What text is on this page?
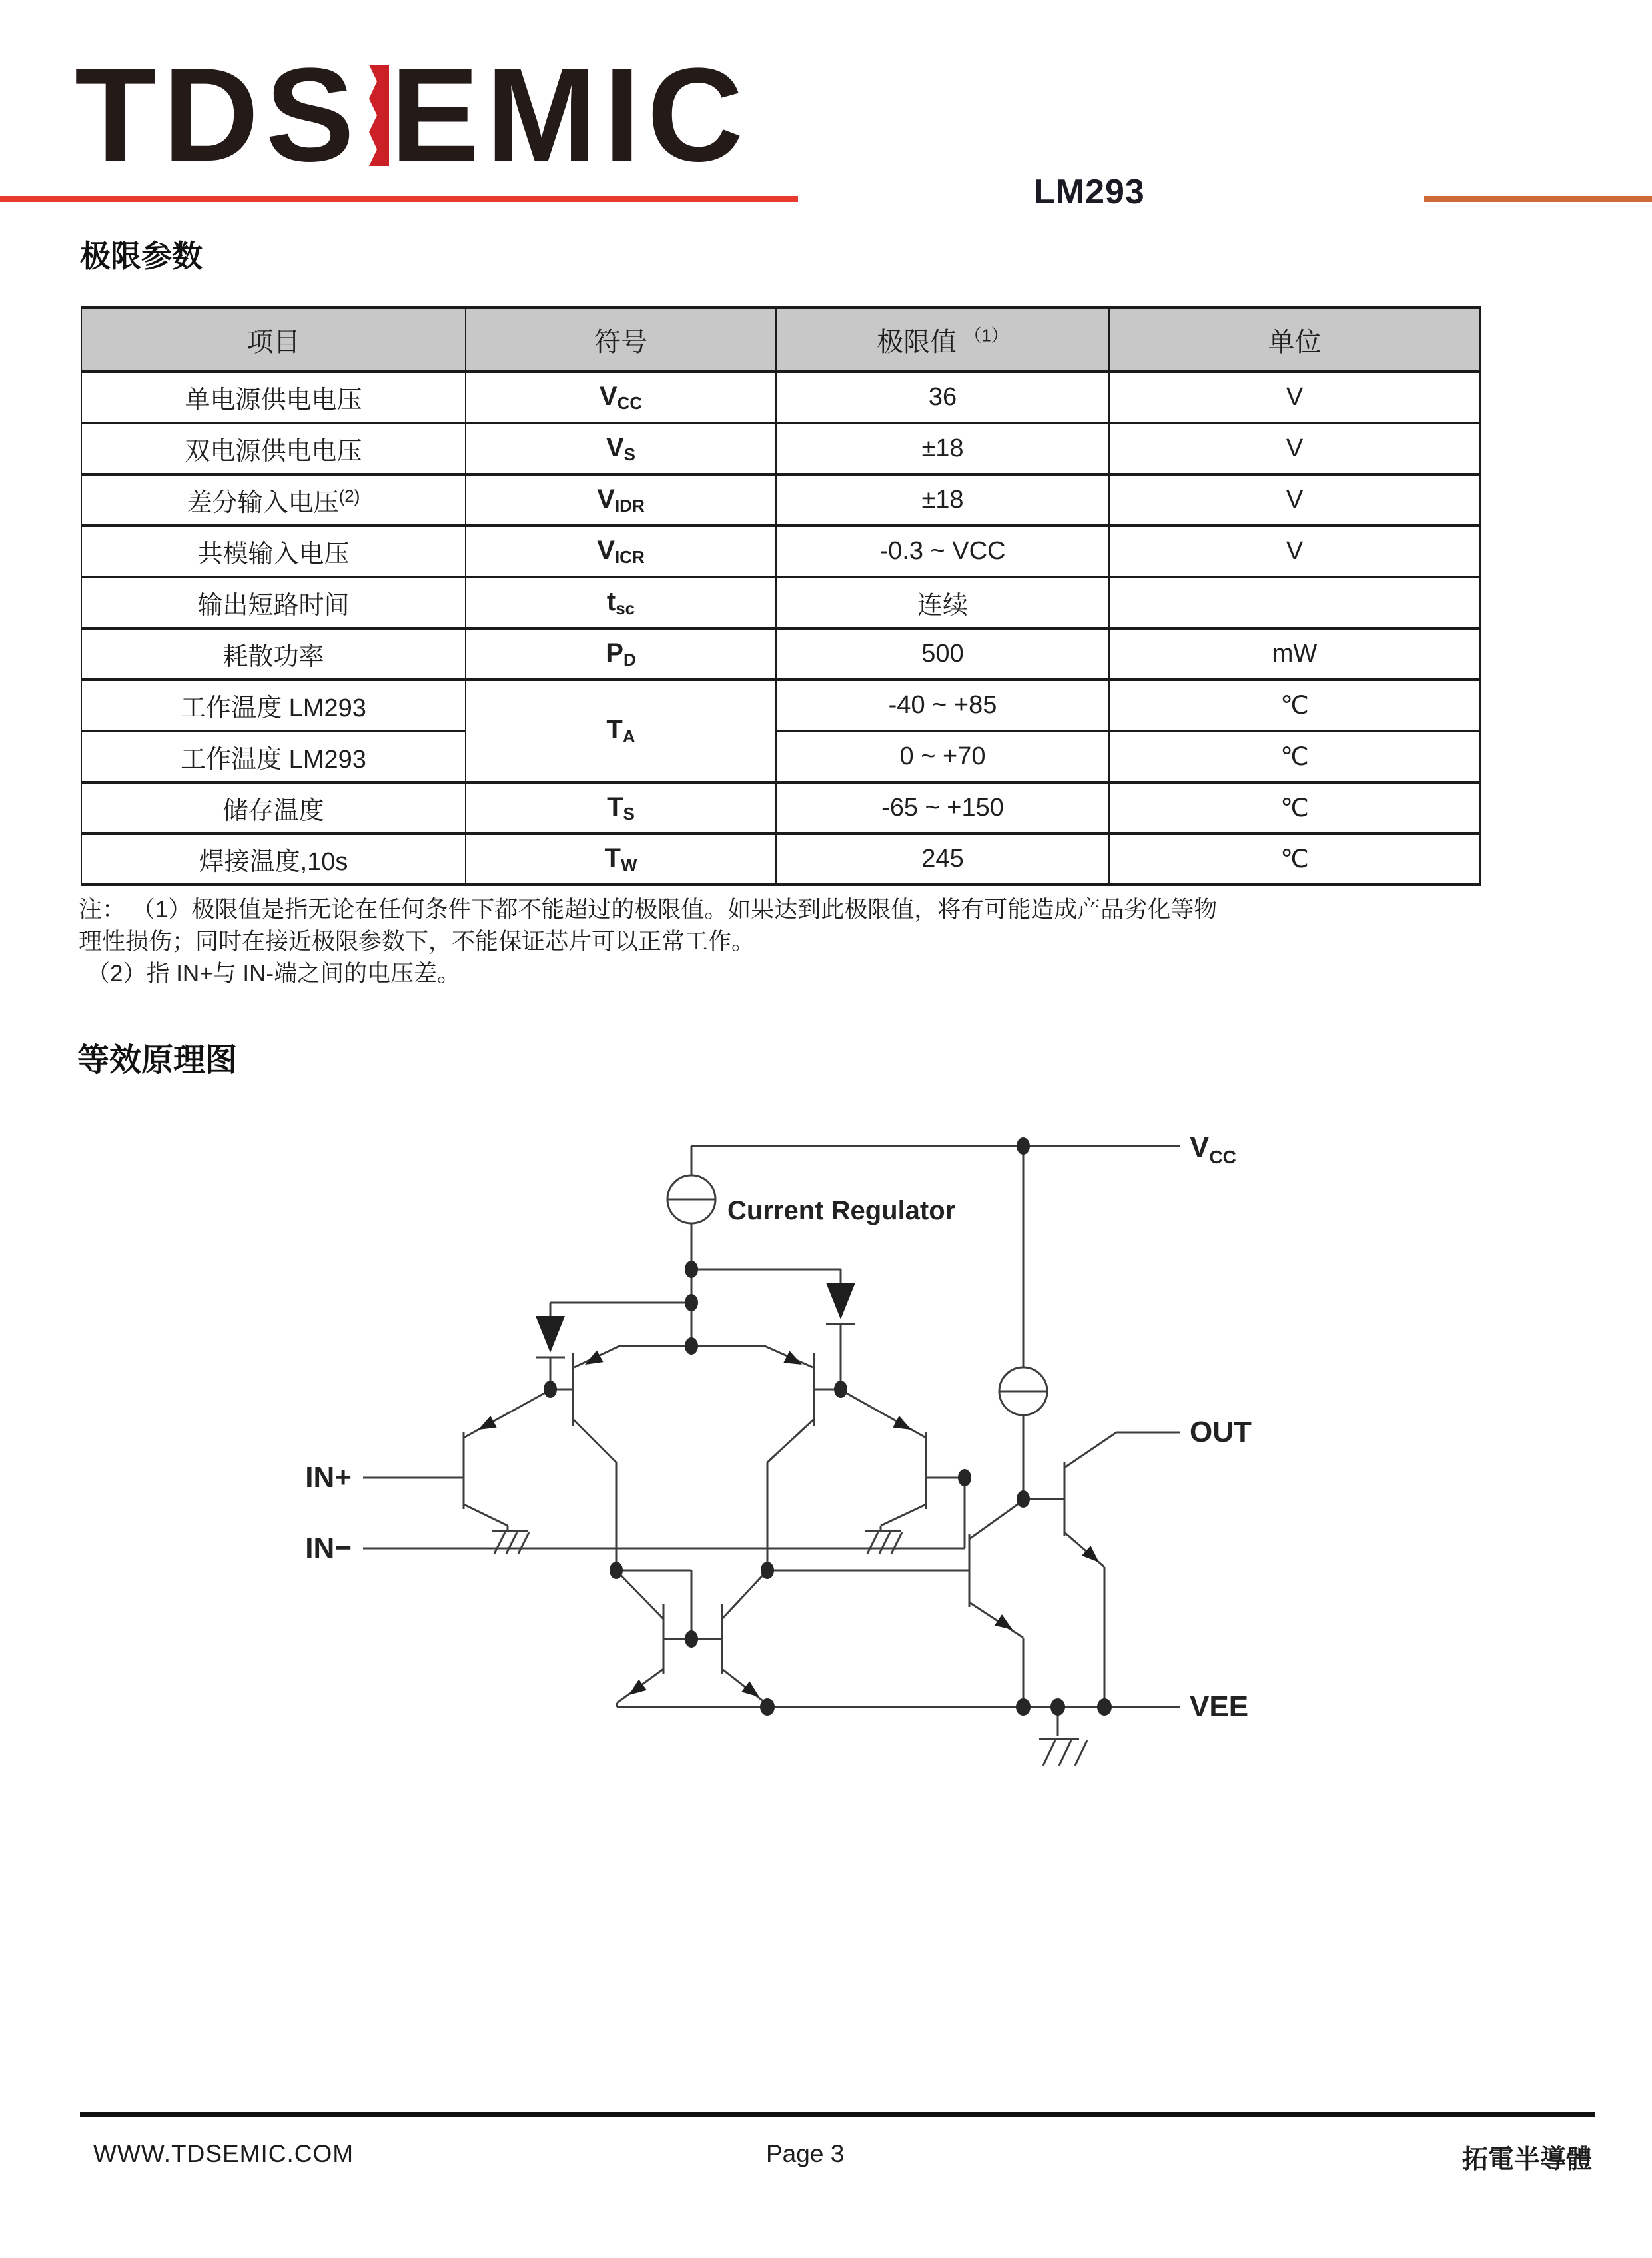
TDS EMIC
LM293
极限参数
项目	符号	极限值 $^{(1)}$	单位
单电源供电电压	$V_{CC}$	36	V
双电源供电电压	$V_S$	±18	V
差分输入电压$^{(2)}$	$V_{IDR}$	±18	V
共模输入电压	$V_{ICR}$	-0.3 ~ VCC	V
输出短路时间	$t_{sc}$	连续	
耗散功率	$P_D$	500	mW
工作温度 LM293	$T_A$	-40 ~ +85	℃
工作温度 LM293		0 ~ +70	℃
储存温度	$T_S$	-65 ~ +150	℃
焊接温度,10s	$T_W$	245	℃
注： （1）极限值是指无论在任何条件下都不能超过的极限值。如果达到此极限值，将有可能造成产品劣化等物
理性损伤；同时在接近极限参数下，不能保证芯片可以正常工作。
（2）指 IN+与 IN-端之间的电压差。
等效原理图
$V_{CC}$
Current Regulator
IN+
IN−
OUT
VEE
WWW.TDSEMIC.COM	Page 3	拓電半導體
